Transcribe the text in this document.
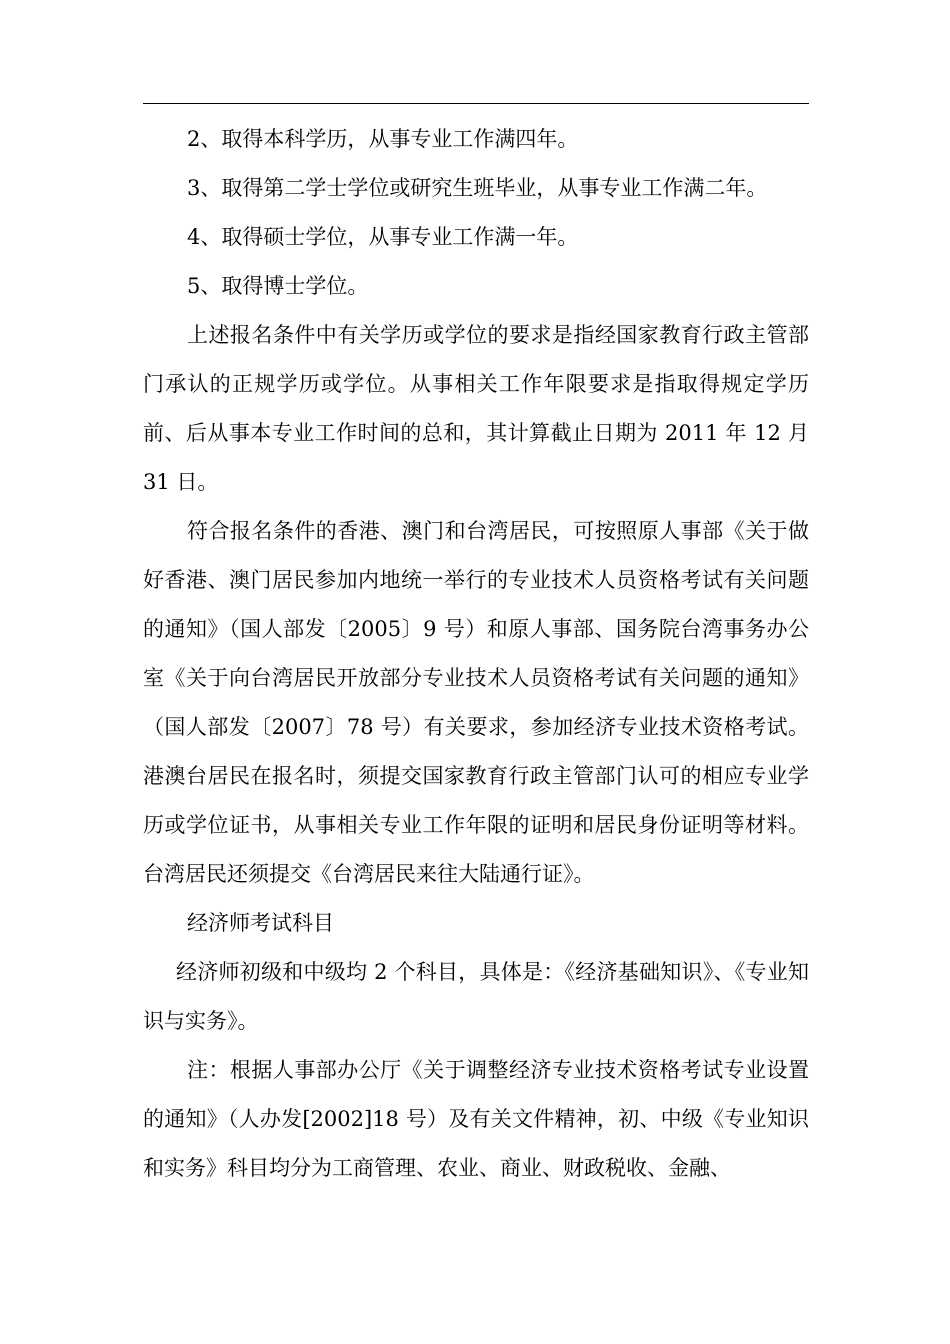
2、取得本科学历，从事专业工作满四年。

3、取得第二学士学位或研究生班毕业，从事专业工作满二年。

4、取得硕士学位，从事专业工作满一年。

5、取得博士学位。

上述报名条件中有关学历或学位的要求是指经国家教育行政主管部门承认的正规学历或学位。从事相关工作年限要求是指取得规定学历前、后从事本专业工作时间的总和，其计算截止日期为 2011 年 12 月 31 日。

符合报名条件的香港、澳门和台湾居民，可按照原人事部《关于做好香港、澳门居民参加内地统一举行的专业技术人员资格考试有关问题的通知》（国人部发〔2005〕9 号）和原人事部、国务院台湾事务办公室《关于向台湾居民开放部分专业技术人员资格考试有关问题的通知》（国人部发〔2007〕78 号）有关要求，参加经济专业技术资格考试。港澳台居民在报名时，须提交国家教育行政主管部门认可的相应专业学历或学位证书，从事相关专业工作年限的证明和居民身份证明等材料。台湾居民还须提交《台湾居民来往大陆通行证》。

经济师考试科目

经济师初级和中级均 2 个科目，具体是：《经济基础知识》、《专业知识与实务》。

注：根据人事部办公厅《关于调整经济专业技术资格考试专业设置的通知》（人办发[2002]18 号）及有关文件精神，初、中级《专业知识和实务》科目均分为工商管理、农业、商业、财政税收、金融、
